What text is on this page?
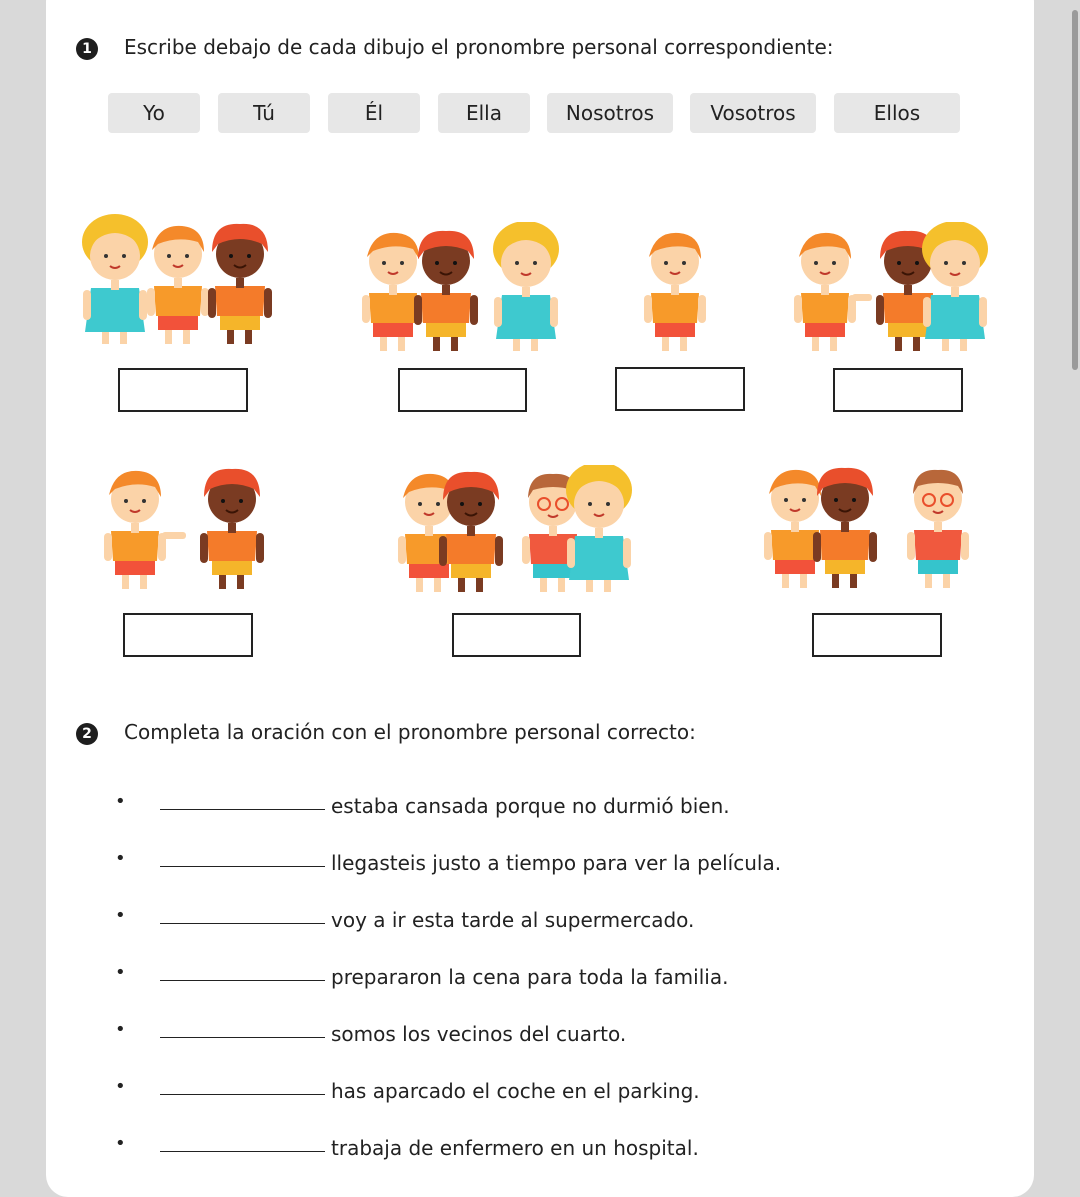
1	Escribe debajo de cada dibujo el pronombre personal correspondiente:
Yo	Tú	Él	Ella	Nosotros	Vosotros	Ellos
2	Completa la oración con el pronombre personal correcto:
•	estaba cansada porque no durmió bien.
•	llegasteis justo a tiempo para ver la película.
•	voy a ir esta tarde al supermercado.
•	prepararon la cena para toda la familia.
•	somos los vecinos del cuarto.
•	has aparcado el coche en el parking.
•	trabaja de enfermero en un hospital.
